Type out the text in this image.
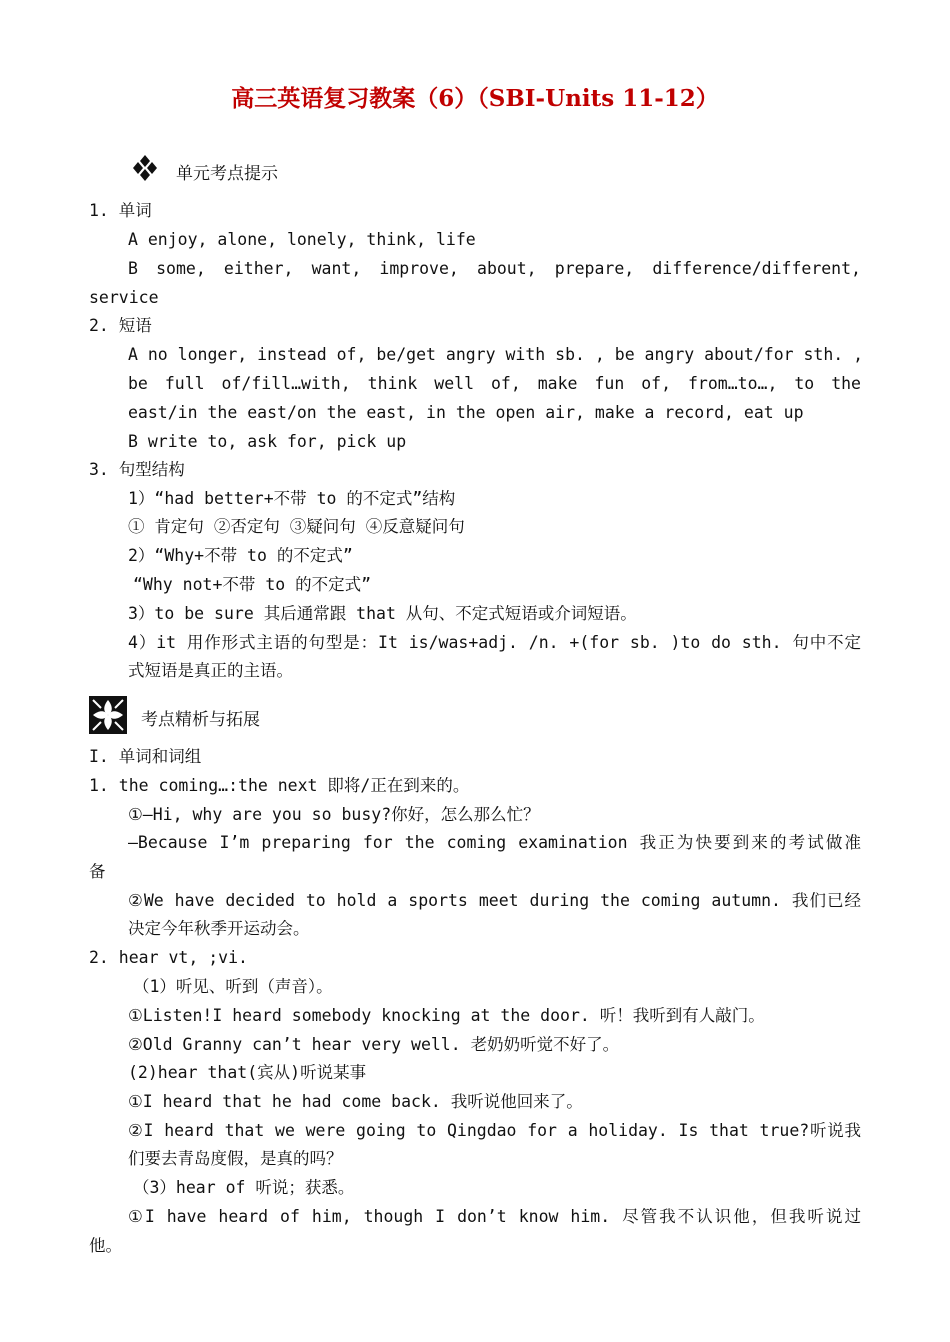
高三英语复习教案（6）（SBⅠ-Units 11-12）
单元考点提示
1. 单词
A enjoy, alone, lonely, think, life
B some, either, want, improve, about, prepare, difference/different,
service
2. 短语
A no longer, instead of, be/get angry with sb. , be angry about/for sth. ,
be full of/fill…with, think well of, make fun of, from…to…, to the
east/in the east/on the east, in the open air, make a record, eat up
B write to, ask for, pick up
3. 句型结构
1）“had better+不带 to 的不定式”结构
① 肯定句 ②否定句 ③疑问句 ④反意疑问句
2）“Why+不带 to 的不定式”
“Why not+不带 to 的不定式”
3）to be sure 其后通常跟 that 从句、不定式短语或介词短语。
4）it 用作形式主语的句型是：It is/was+adj. /n. +(for sb. )to do sth. 句中不定
式短语是真正的主语。
考点精析与拓展
I. 单词和词组
1. the coming…:the next 即将/正在到来的。
①—Hi, why are you so busy?你好，怎么那么忙？
—Because I’m preparing for the coming examination 我正为快要到来的考试做准
备
②We have decided to hold a sports meet during the coming autumn. 我们已经
决定今年秋季开运动会。
2. hear vt, ;vi.
（1）听见、听到（声音）。
①Listen!I heard somebody knocking at the door. 听！我听到有人敲门。
②Old Granny can’t hear very well. 老奶奶听觉不好了。
(2)hear that(宾从)听说某事
①I heard that he had come back. 我听说他回来了。
②I heard that we were going to Qingdao for a holiday. Is that true?听说我
们要去青岛度假，是真的吗？
（3）hear of 听说；获悉。
①I have heard of him, though I don’t know him. 尽管我不认识他，但我听说过
他。
